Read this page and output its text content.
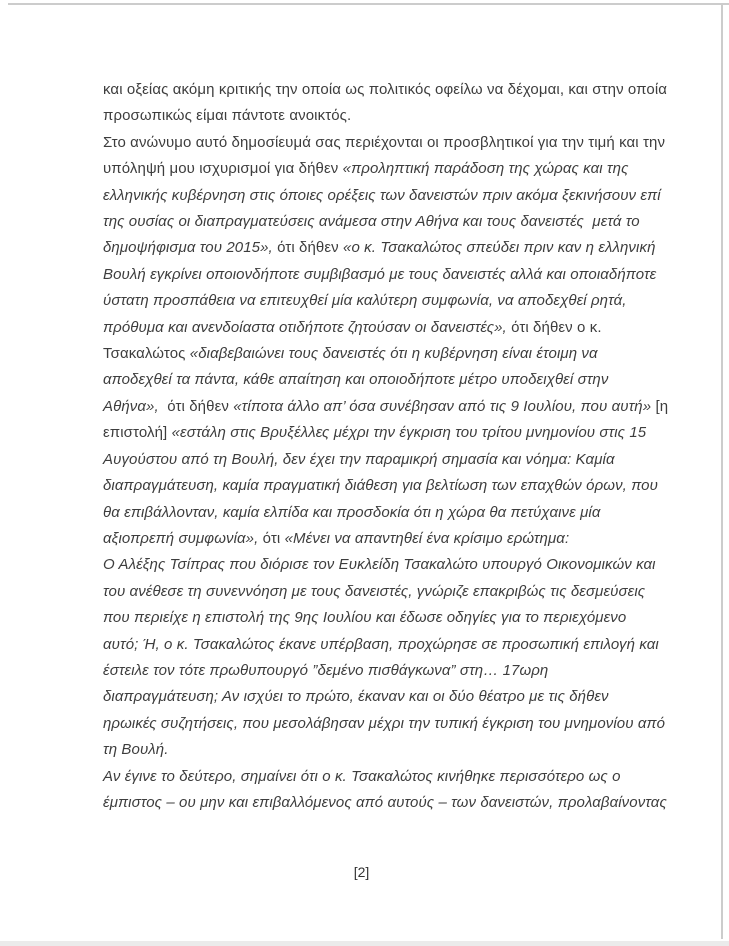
και οξείας ακόμη κριτικής την οποία ως πολιτικός οφείλω να δέχομαι, και στην οποία
προσωπικώς είμαι πάντοτε ανοικτός.
Στο ανώνυμο αυτό δημοσίευμά σας περιέχονται οι προσβλητικοί για την τιμή και την
υπόληψή μου ισχυρισμοί για δήθεν «προληπτική παράδοση της χώρας και της
ελληνικής κυβέρνηση στις όποιες ορέξεις των δανειστών πριν ακόμα ξεκινήσουν επί
της ουσίας οι διαπραγματεύσεις ανάμεσα στην Αθήνα και τους δανειστές  μετά το
δημοψήφισμα του 2015», ότι δήθεν «ο κ. Τσακαλώτος σπεύδει πριν καν η ελληνική
Βουλή εγκρίνει οποιονδήποτε συμβιβασμό με τους δανειστές αλλά και οποιαδήποτε
ύστατη προσπάθεια να επιτευχθεί μία καλύτερη συμφωνία, να αποδεχθεί ρητά,
πρόθυμα και ανενδοίαστα οτιδήποτε ζητούσαν οι δανειστές», ότι δήθεν ο κ.
Τσακαλώτος «διαβεβαιώνει τους δανειστές ότι η κυβέρνηση είναι έτοιμη να
αποδεχθεί τα πάντα, κάθε απαίτηση και οποιοδήποτε μέτρο υποδειχθεί στην
Αθήνα»,  ότι δήθεν «τίποτα άλλο απ’ όσα συνέβησαν από τις 9 Ιουλίου, που αυτή» [η
επιστολή] «εστάλη στις Βρυξέλλες μέχρι την έγκριση του τρίτου μνημονίου στις 15
Αυγούστου από τη Βουλή, δεν έχει την παραμικρή σημασία και νόημα: Καμία
διαπραγμάτευση, καμία πραγματική διάθεση για βελτίωση των επαχθών όρων, που
θα επιβάλλονταν, καμία ελπίδα και προσδοκία ότι η χώρα θα πετύχαινε μία
αξιοπρεπή συμφωνία», ότι «Μένει να απαντηθεί ένα κρίσιμο ερώτημα:
Ο Αλέξης Τσίπρας που διόρισε τον Ευκλείδη Τσακαλώτο υπουργό Οικονομικών και
του ανέθεσε τη συνεννόηση με τους δανειστές, γνώριζε επακριβώς τις δεσμεύσεις
που περιείχε η επιστολή της 9ης Ιουλίου και έδωσε οδηγίες για το περιεχόμενο
αυτό; Ή, ο κ. Τσακαλώτος έκανε υπέρβαση, προχώρησε σε προσωπική επιλογή και
έστειλε τον τότε πρωθυπουργό ”δεμένο πισθάγκωνα” στη… 17ωρη
διαπραγμάτευση; Αν ισχύει το πρώτο, έκαναν και οι δύο θέατρο με τις δήθεν
ηρωικές συζητήσεις, που μεσολάβησαν μέχρι την τυπική έγκριση του μνημονίου από
τη Βουλή.
Αν έγινε το δεύτερο, σημαίνει ότι ο κ. Τσακαλώτος κινήθηκε περισσότερο ως ο
έμπιστος – ου μην και επιβαλλόμενος από αυτούς – των δανειστών, προλαβαίνοντας
[2]
